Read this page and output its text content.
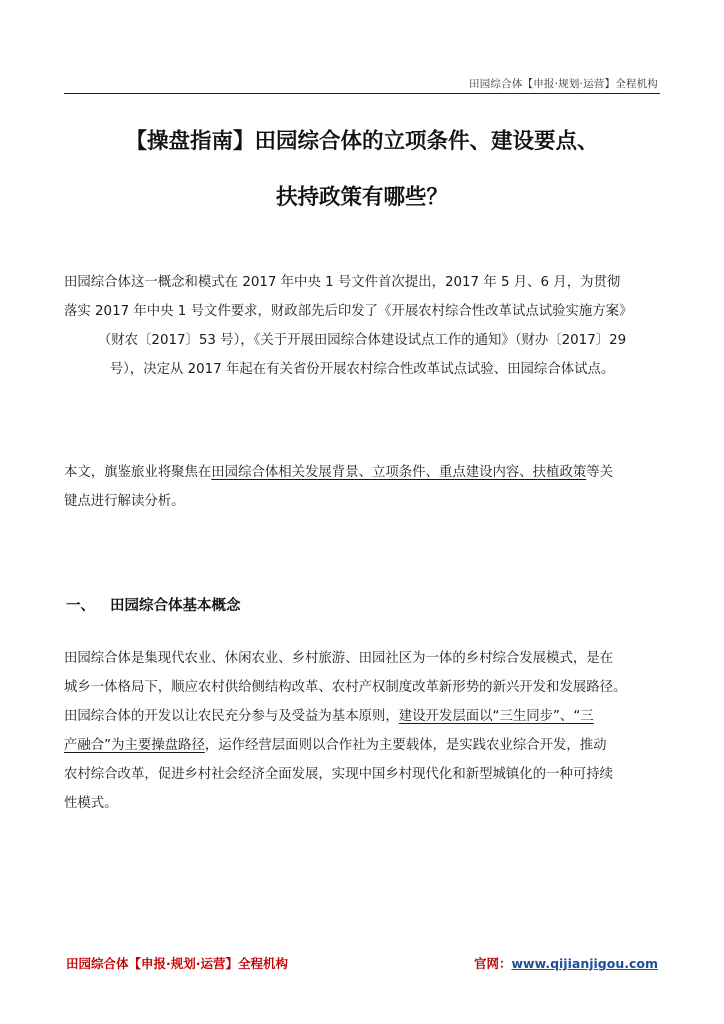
田园综合体【申报·规划·运营】全程机构
【操盘指南】田园综合体的立项条件、建设要点、
扶持政策有哪些？

田园综合体这一概念和模式在 2017 年中央 1 号文件首次提出，2017 年 5 月、6 月，为贯彻

落实 2017 年中央 1 号文件要求，财政部先后印发了《开展农村综合性改革试点试验实施方案》

（财农〔2017〕53 号），《关于开展田园综合体建设试点工作的通知》（财办〔2017〕29

号），决定从 2017 年起在有关省份开展农村综合性改革试点试验、田园综合体试点。

本文，旗鉴旅业将聚焦在田园综合体相关发展背景、立项条件、重点建设内容、扶植政策等关

键点进行解读分析。

一、 田园综合体基本概念

田园综合体是集现代农业、休闲农业、乡村旅游、田园社区为一体的乡村综合发展模式，是在

城乡一体格局下，顺应农村供给侧结构改革、农村产权制度改革新形势的新兴开发和发展路径。

田园综合体的开发以让农民充分参与及受益为基本原则，建设开发层面以“三生同步”、“三

产融合”为主要操盘路径，运作经营层面则以合作社为主要载体，是实践农业综合开发，推动

农村综合改革，促进乡村社会经济全面发展，实现中国乡村现代化和新型城镇化的一种可持续

性模式。

田园综合体【申报·规划·运营】全程机构	官网：www.qijianjigou.com
